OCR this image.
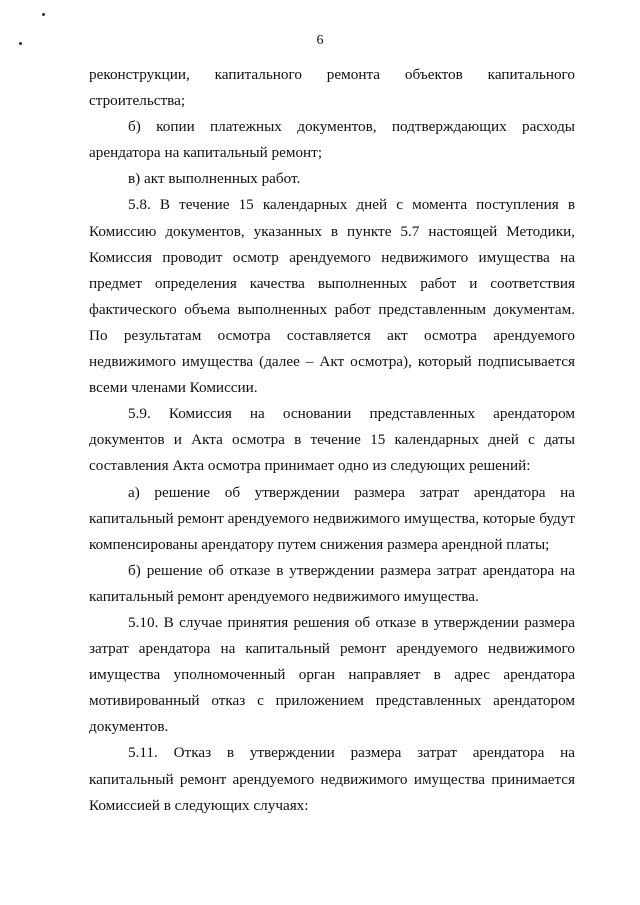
6

реконструкции, капитального ремонта объектов капитального строительства;

б) копии платежных документов, подтверждающих расходы арендатора на капитальный ремонт;

в) акт выполненных работ.

5.8. В течение 15 календарных дней с момента поступления в Комиссию документов, указанных в пункте 5.7 настоящей Методики, Комиссия проводит осмотр арендуемого недвижимого имущества на предмет определения качества выполненных работ и соответствия фактического объема выполненных работ представленным документам. По результатам осмотра составляется акт осмотра арендуемого недвижимого имущества (далее – Акт осмотра), который подписывается всеми членами Комиссии.

5.9. Комиссия на основании представленных арендатором документов и Акта осмотра в течение 15 календарных дней с даты составления Акта осмотра принимает одно из следующих решений:

а) решение об утверждении размера затрат арендатора на капитальный ремонт арендуемого недвижимого имущества, которые будут компенсированы арендатору путем снижения размера арендной платы;

б) решение об отказе в утверждении размера затрат арендатора на капитальный ремонт арендуемого недвижимого имущества.

5.10. В случае принятия решения об отказе в утверждении размера затрат арендатора на капитальный ремонт арендуемого недвижимого имущества уполномоченный орган направляет в адрес арендатора мотивированный отказ с приложением представленных арендатором документов.

5.11. Отказ в утверждении размера затрат арендатора на капитальный ремонт арендуемого недвижимого имущества принимается Комиссией в следующих случаях:
